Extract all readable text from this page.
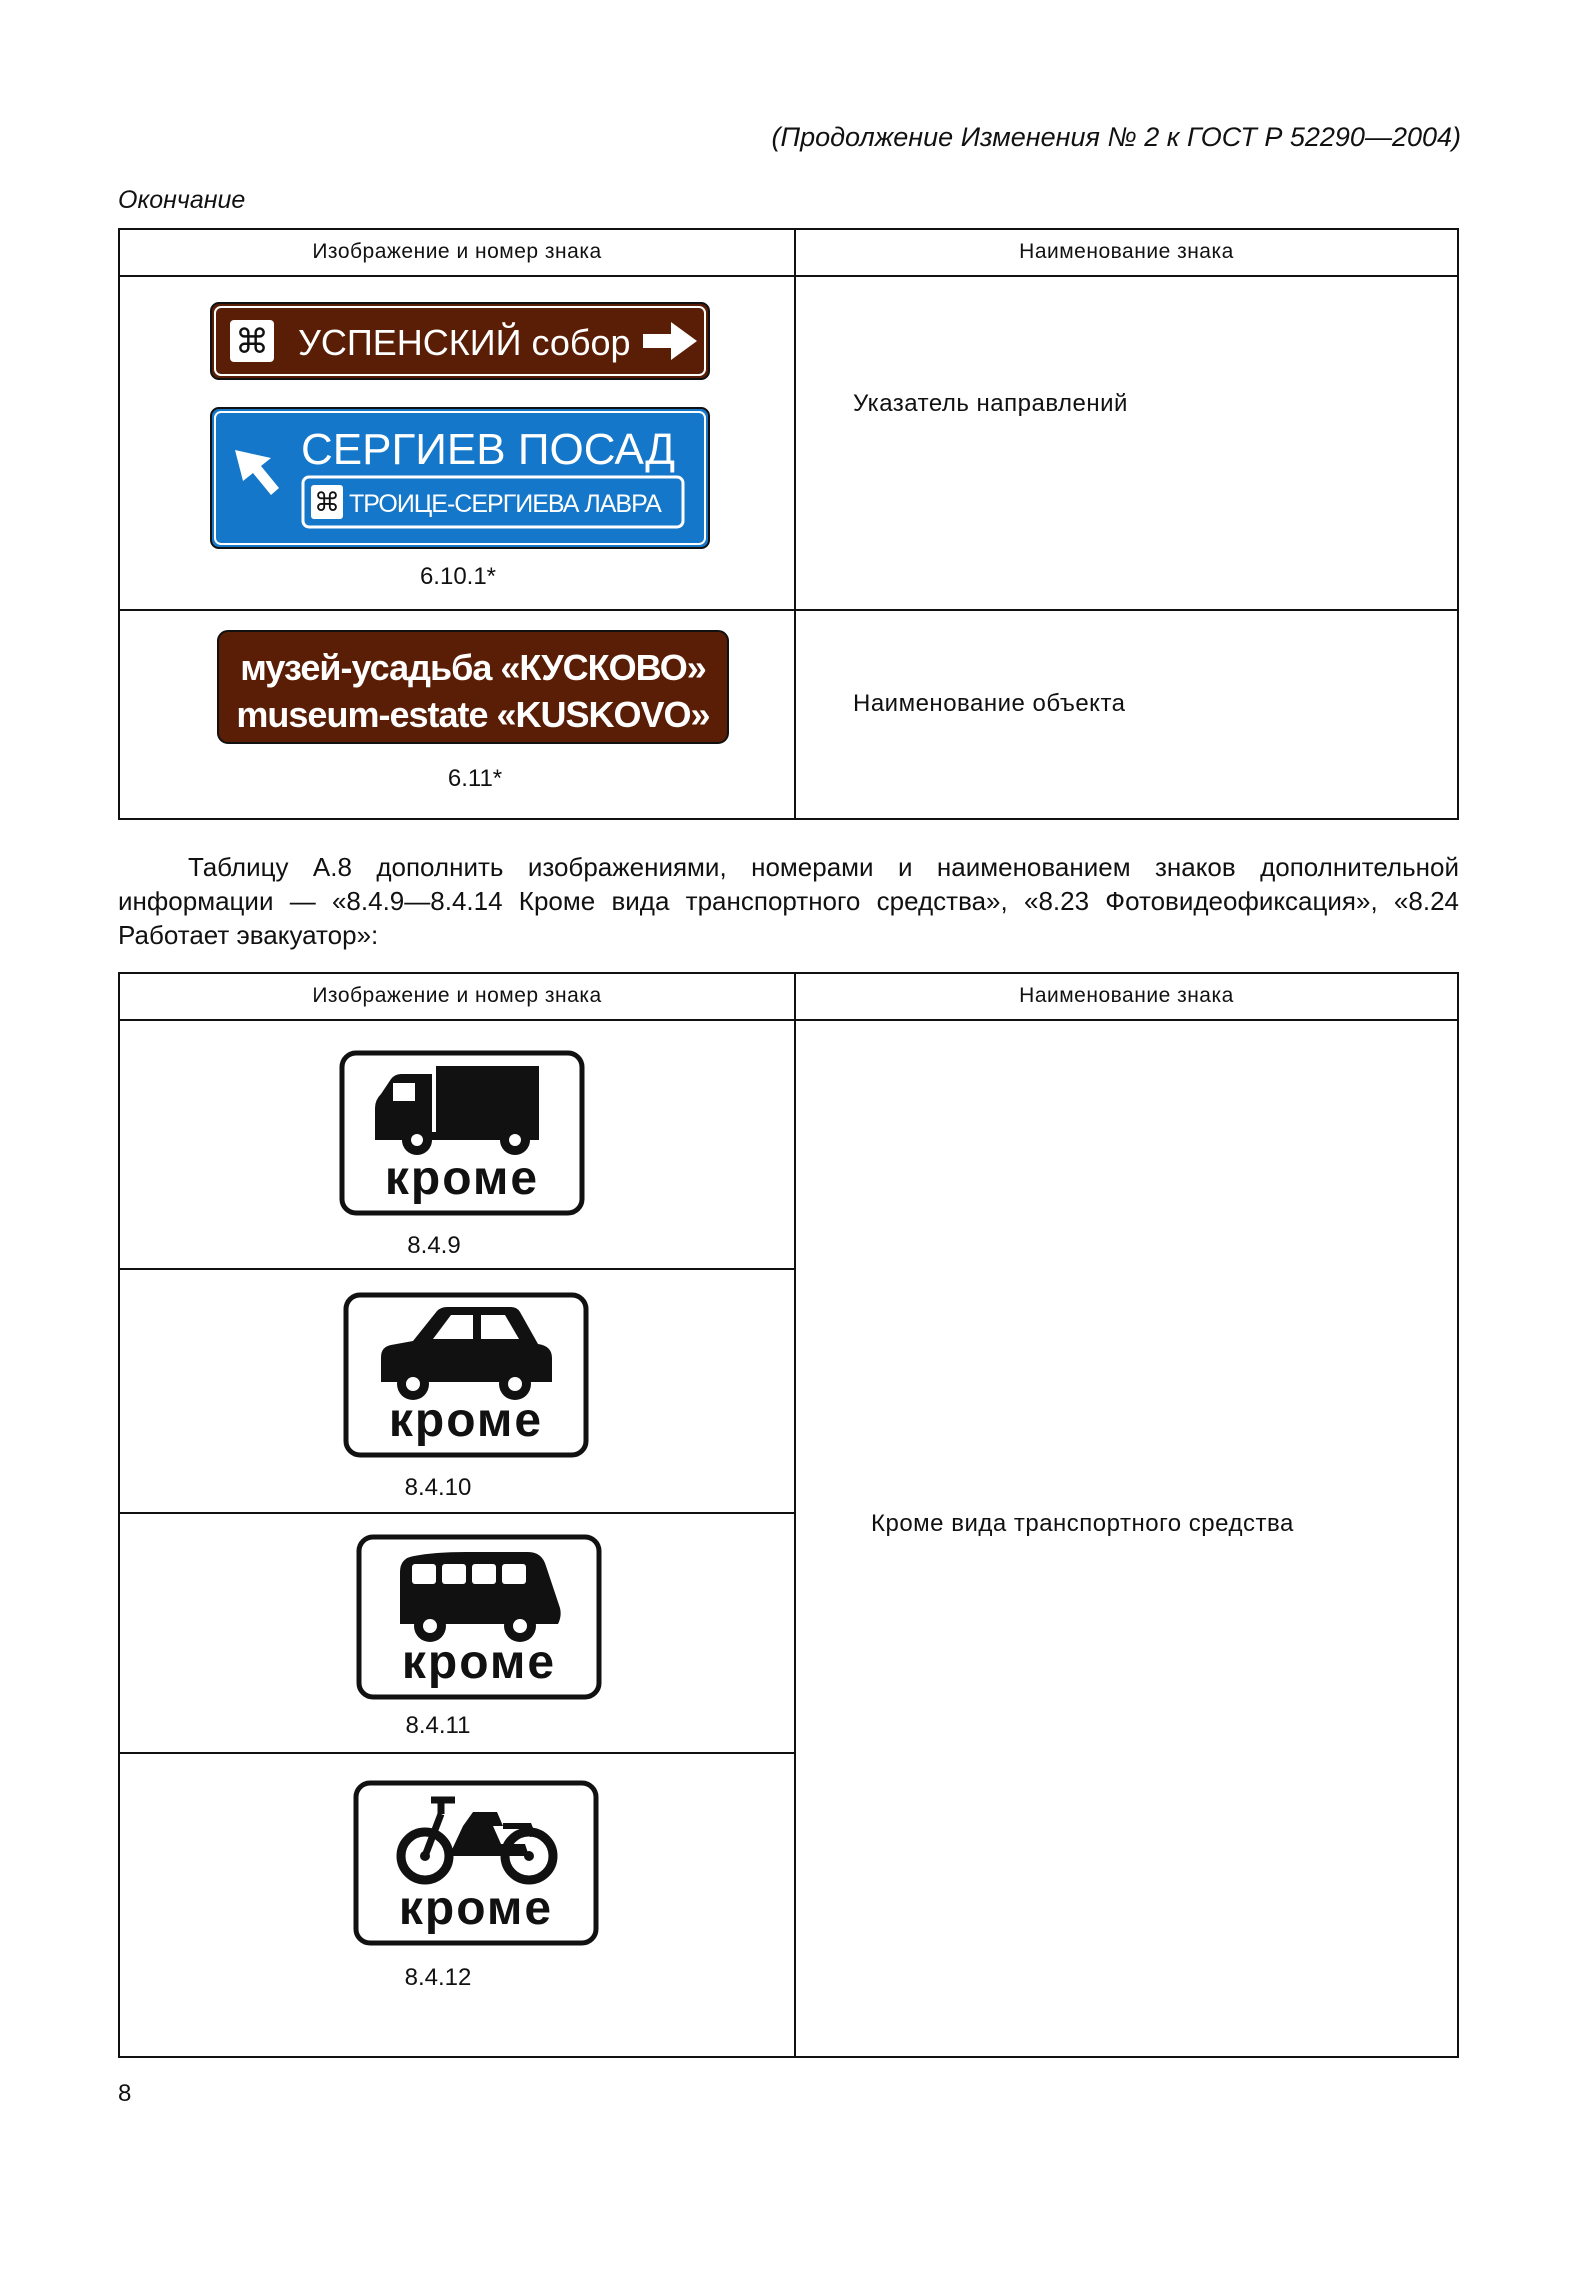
(Продолжение Изменения № 2 к ГОСТ Р 52290—2004)
Окончание
Изображение и номер знака	Наименование знака
⌘ УСПЕНСКИЙ собор
СЕРГИЕВ ПОСАД
⌘ ТРОИЦЕ-СЕРГИЕВА ЛАВРА
6.10.1*
Указатель направлений
музей-усадьба «КУСКОВО»
museum-estate «KUSKOVO»
6.11*
Наименование объекта
Таблицу А.8 дополнить изображениями, номерами и наименованием знаков дополнительной информации — «8.4.9—8.4.14 Кроме вида транспортного средства», «8.23 Фотовидеофиксация», «8.24 Работает эвакуатор»:
Изображение и номер знака	Наименование знака
кроме
8.4.9
кроме
8.4.10
кроме
8.4.11
кроме
8.4.12
Кроме вида транспортного средства
8
